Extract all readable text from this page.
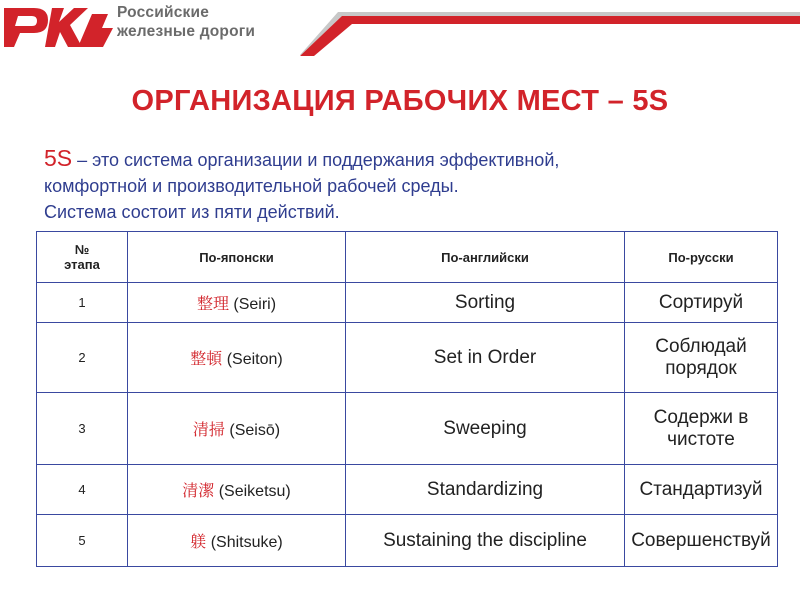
Российские
железные дороги
ОРГАНИЗАЦИЯ РАБОЧИХ МЕСТ – 5S
5S – это система организации и поддержания эффективной,
комфортной и производительной рабочей среды.
Система состоит из пяти действий.
№
этапа	По-японски	По-английски	По-русски
1	整理 (Seiri)	Sorting	Сортируй

2	整頓 (Seiton)	Set in Order	Соблюдай
порядок

3	清掃 (Seisō)	Sweeping	Содержи в
чистоте

4	清潔 (Seiketsu)	Standardizing	Стандартизуй

5	躾 (Shitsuke)	Sustaining the discipline	Совершенствуй
